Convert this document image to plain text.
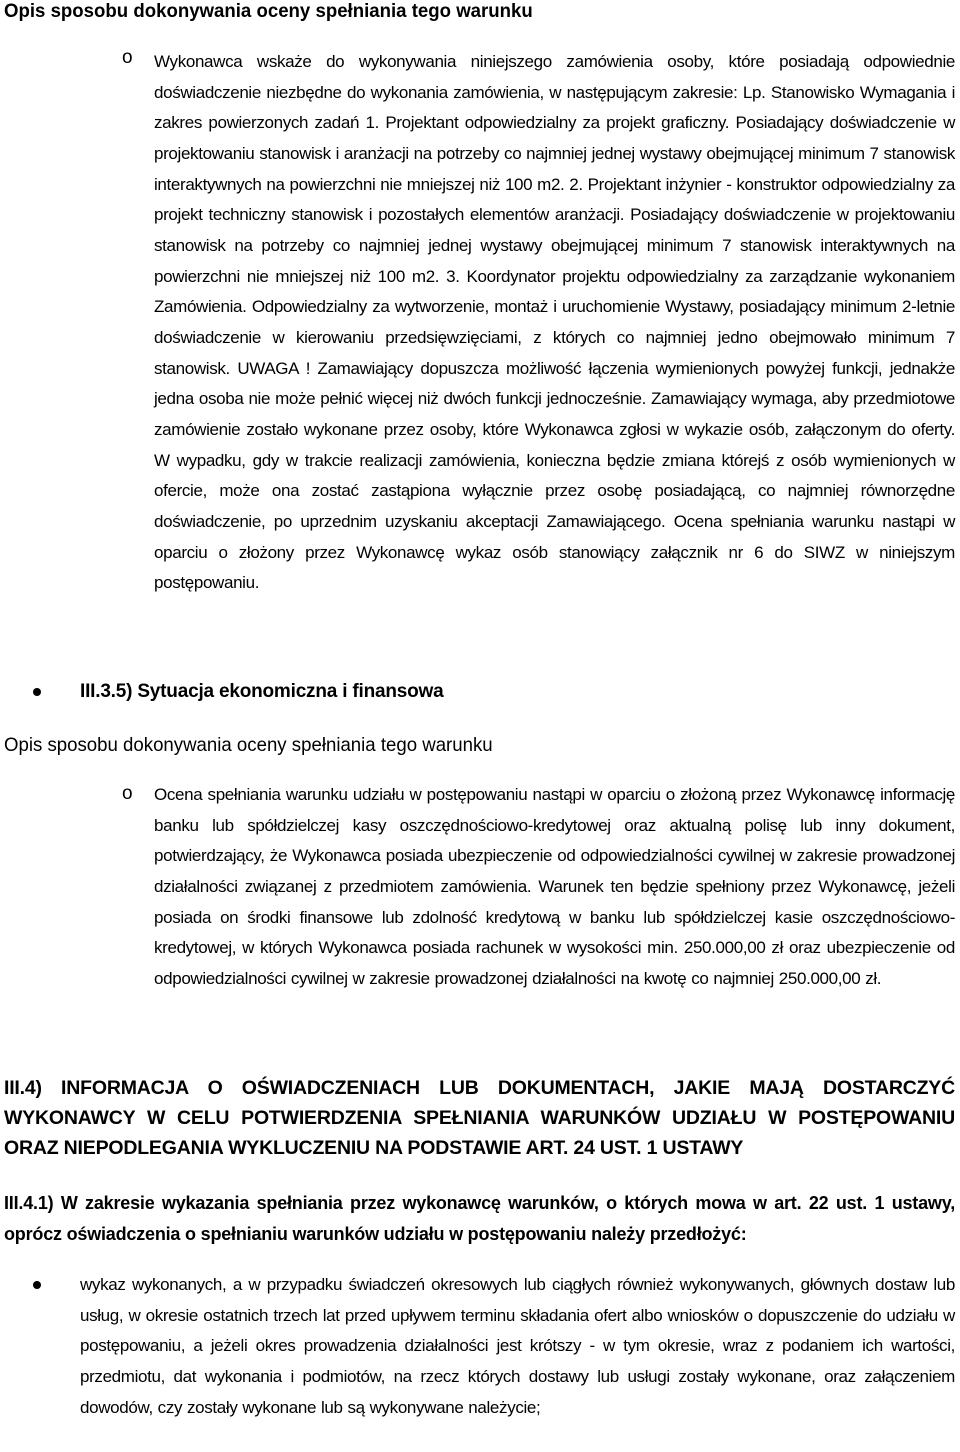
Opis sposobu dokonywania oceny spełniania tego warunku
o Wykonawca wskaże do wykonywania niniejszego zamówienia osoby, które posiadają odpowiednie doświadczenie niezbędne do wykonania zamówienia, w następującym zakresie: Lp. Stanowisko Wymagania i zakres powierzonych zadań 1. Projektant odpowiedzialny za projekt graficzny. Posiadający doświadczenie w projektowaniu stanowisk i aranżacji na potrzeby co najmniej jednej wystawy obejmującej minimum 7 stanowisk interaktywnych na powierzchni nie mniejszej niż 100 m2. 2. Projektant inżynier - konstruktor odpowiedzialny za projekt techniczny stanowisk i pozostałych elementów aranżacji. Posiadający doświadczenie w projektowaniu stanowisk na potrzeby co najmniej jednej wystawy obejmującej minimum 7 stanowisk interaktywnych na powierzchni nie mniejszej niż 100 m2. 3. Koordynator projektu odpowiedzialny za zarządzanie wykonaniem Zamówienia. Odpowiedzialny za wytworzenie, montaż i uruchomienie Wystawy, posiadający minimum 2-letnie doświadczenie w kierowaniu przedsięwzięciami, z których co najmniej jedno obejmowało minimum 7 stanowisk. UWAGA ! Zamawiający dopuszcza możliwość łączenia wymienionych powyżej funkcji, jednakże jedna osoba nie może pełnić więcej niż dwóch funkcji jednocześnie. Zamawiający wymaga, aby przedmiotowe zamówienie zostało wykonane przez osoby, które Wykonawca zgłosi w wykazie osób, załączonym do oferty. W wypadku, gdy w trakcie realizacji zamówienia, konieczna będzie zmiana którejś z osób wymienionych w ofercie, może ona zostać zastąpiona wyłącznie przez osobę posiadającą, co najmniej równorzędne doświadczenie, po uprzednim uzyskaniu akceptacji Zamawiającego. Ocena spełniania warunku nastąpi w oparciu o złożony przez Wykonawcę wykaz osób stanowiący załącznik nr 6 do SIWZ w niniejszym postępowaniu.
III.3.5) Sytuacja ekonomiczna i finansowa
Opis sposobu dokonywania oceny spełniania tego warunku
o Ocena spełniania warunku udziału w postępowaniu nastąpi w oparciu o złożoną przez Wykonawcę informację banku lub spółdzielczej kasy oszczędnościowo-kredytowej oraz aktualną polisę lub inny dokument, potwierdzający, że Wykonawca posiada ubezpieczenie od odpowiedzialności cywilnej w zakresie prowadzonej działalności związanej z przedmiotem zamówienia. Warunek ten będzie spełniony przez Wykonawcę, jeżeli posiada on środki finansowe lub zdolność kredytową w banku lub spółdzielczej kasie oszczędnościowo-kredytowej, w których Wykonawca posiada rachunek w wysokości min. 250.000,00 zł oraz ubezpieczenie od odpowiedzialności cywilnej w zakresie prowadzonej działalności na kwotę co najmniej 250.000,00 zł.
III.4) INFORMACJA O OŚWIADCZENIACH LUB DOKUMENTACH, JAKIE MAJĄ DOSTARCZYĆ WYKONAWCY W CELU POTWIERDZENIA SPEŁNIANIA WARUNKÓW UDZIAŁU W POSTĘPOWANIU ORAZ NIEPODLEGANIA WYKLUCZENIU NA PODSTAWIE ART. 24 UST. 1 USTAWY
III.4.1) W zakresie wykazania spełniania przez wykonawcę warunków, o których mowa w art. 22 ust. 1 ustawy, oprócz oświadczenia o spełnianiu warunków udziału w postępowaniu należy przedłożyć:
wykaz wykonanych, a w przypadku świadczeń okresowych lub ciągłych również wykonywanych, głównych dostaw lub usług, w okresie ostatnich trzech lat przed upływem terminu składania ofert albo wniosków o dopuszczenie do udziału w postępowaniu, a jeżeli okres prowadzenia działalności jest krótszy - w tym okresie, wraz z podaniem ich wartości, przedmiotu, dat wykonania i podmiotów, na rzecz których dostawy lub usługi zostały wykonane, oraz załączeniem dowodów, czy zostały wykonane lub są wykonywane należycie;
